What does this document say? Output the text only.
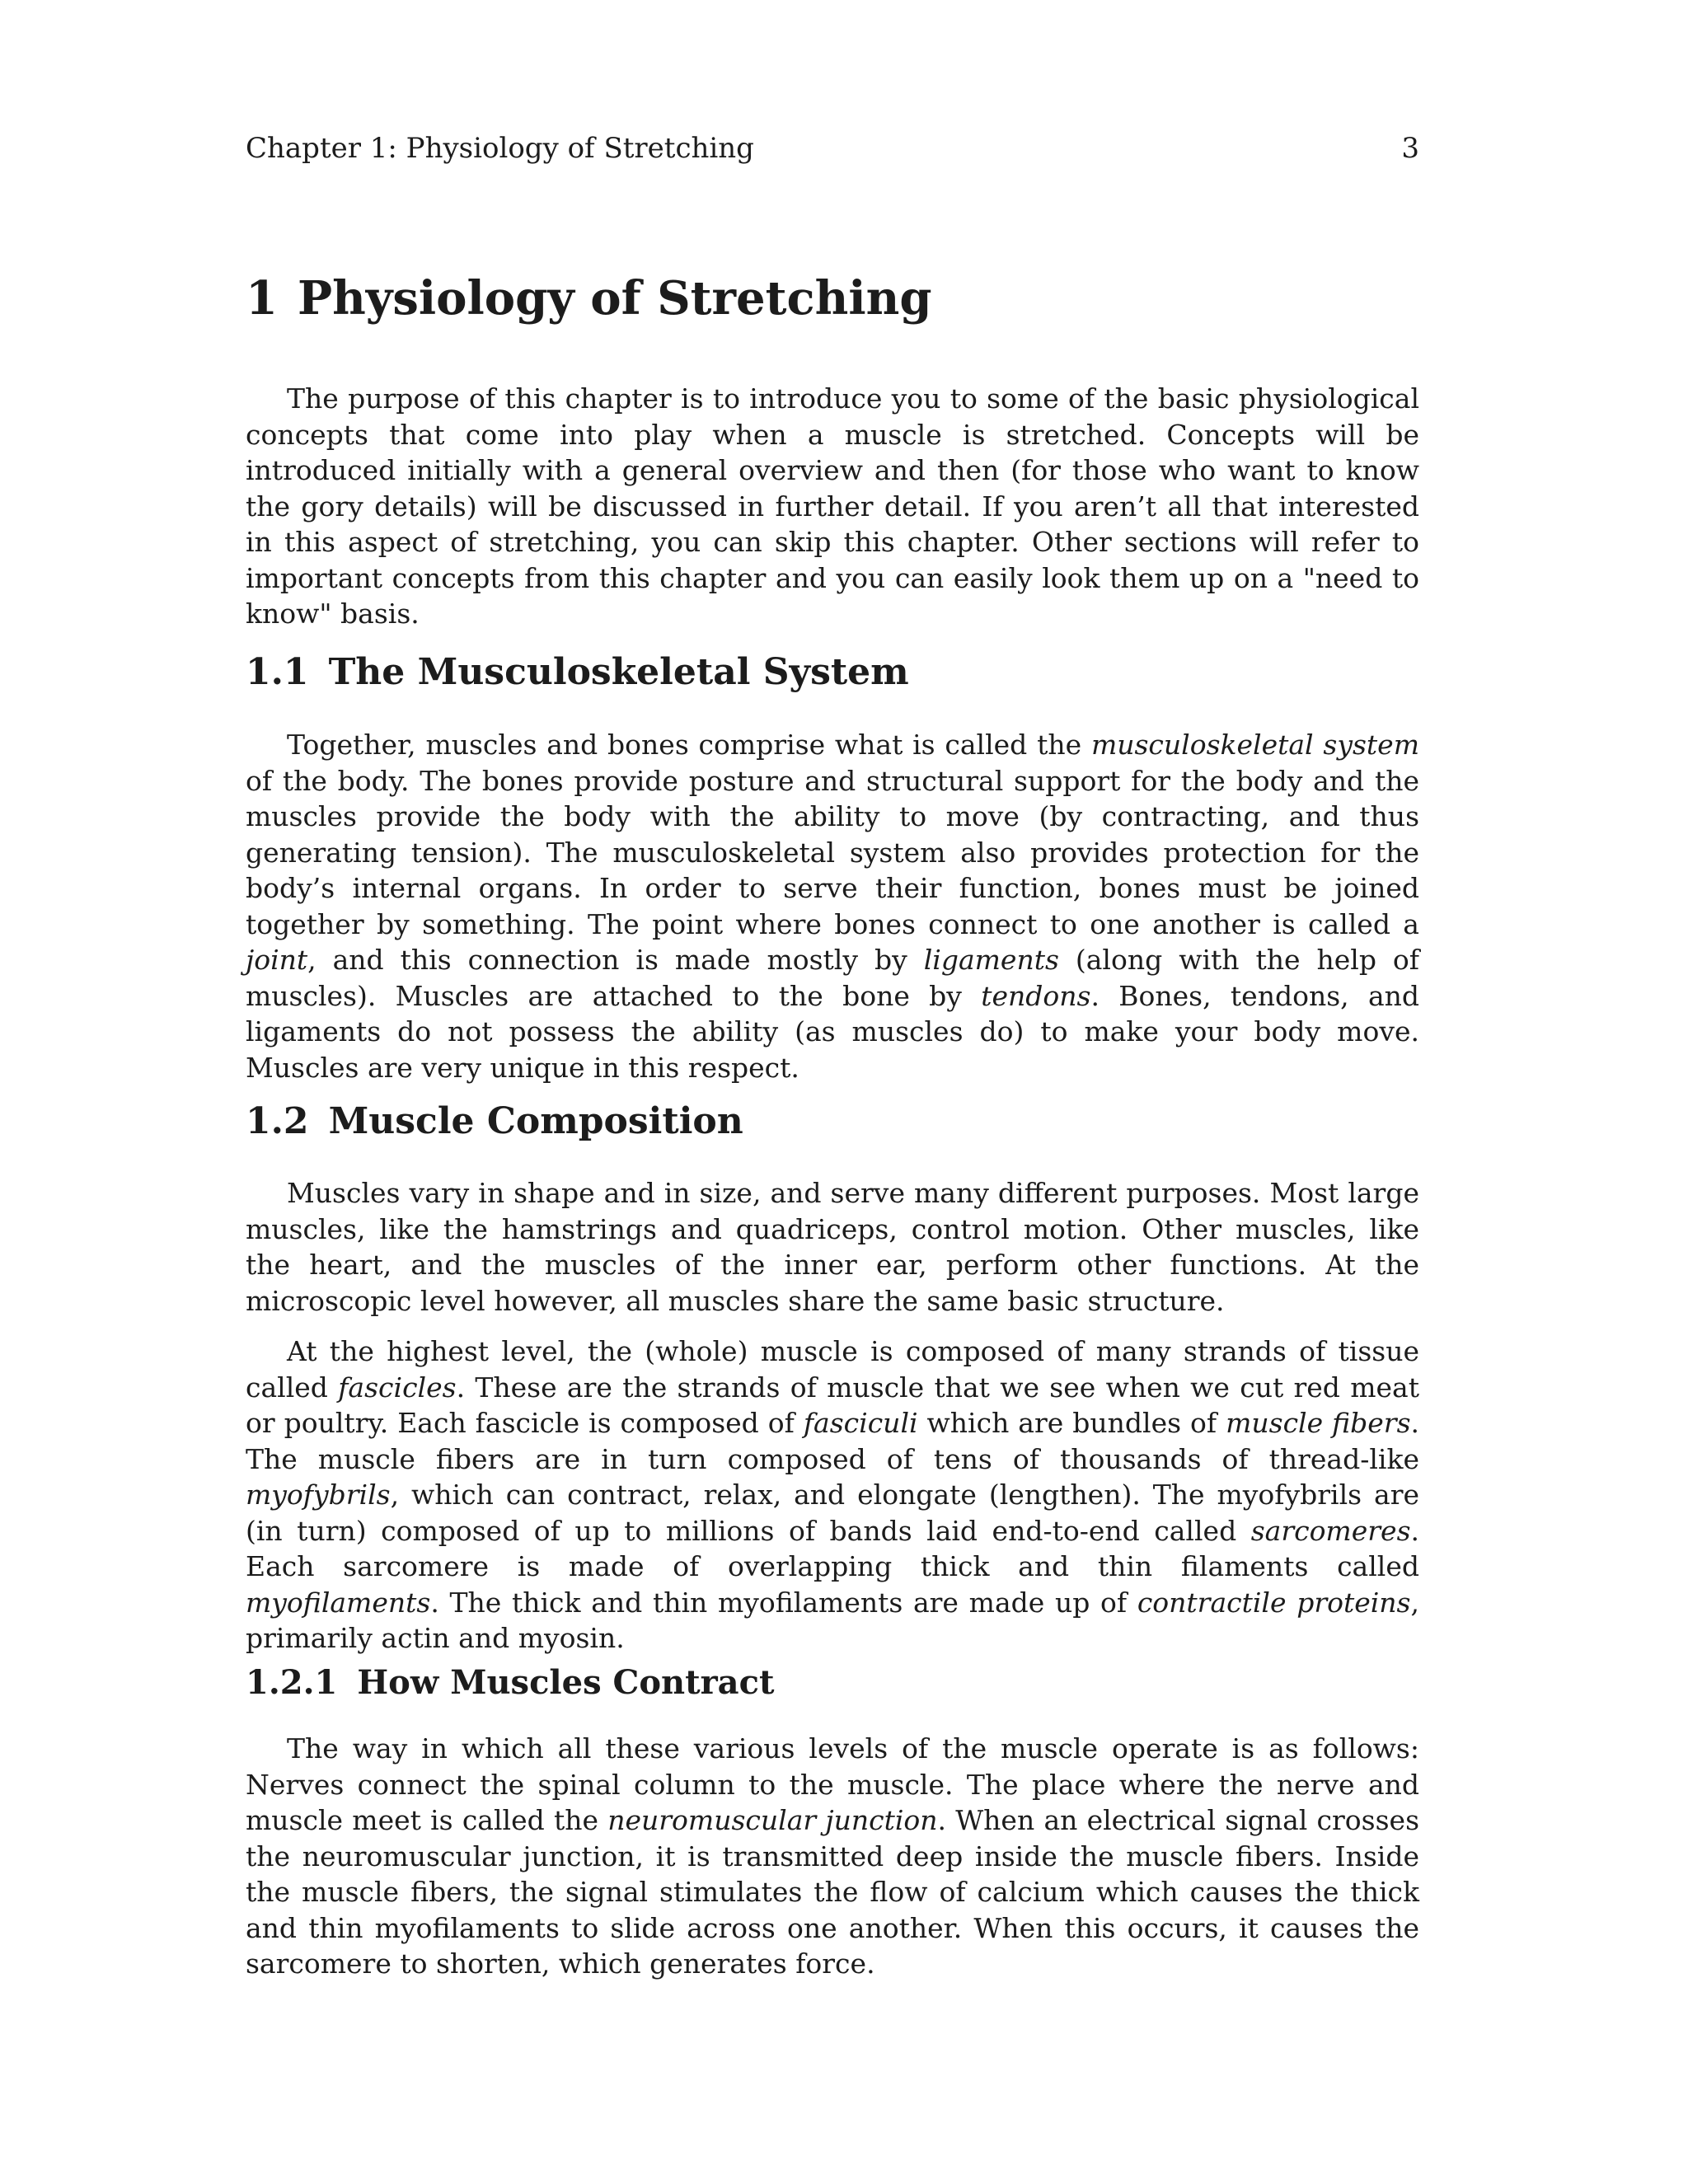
Chapter 1: Physiology of Stretching	3
1 Physiology of Stretching

The purpose of this chapter is to introduce you to some of the basic physiological concepts that come into play when a muscle is stretched. Concepts will be introduced initially with a general overview and then (for those who want to know the gory details) will be discussed in further detail. If you aren’t all that interested in this aspect of stretching, you can skip this chapter. Other sections will refer to important concepts from this chapter and you can easily look them up on a "need to know" basis.

1.1 The Musculoskeletal System

Together, muscles and bones comprise what is called the musculoskeletal system of the body. The bones provide posture and structural support for the body and the muscles provide the body with the ability to move (by contracting, and thus generating tension). The musculoskeletal system also provides protection for the body’s internal organs. In order to serve their function, bones must be joined together by something. The point where bones connect to one another is called a joint, and this connection is made mostly by ligaments (along with the help of muscles). Muscles are attached to the bone by tendons. Bones, tendons, and ligaments do not possess the ability (as muscles do) to make your body move. Muscles are very unique in this respect.

1.2 Muscle Composition

Muscles vary in shape and in size, and serve many different purposes. Most large muscles, like the hamstrings and quadriceps, control motion. Other muscles, like the heart, and the muscles of the inner ear, perform other functions. At the microscopic level however, all muscles share the same basic structure.

At the highest level, the (whole) muscle is composed of many strands of tissue called fascicles. These are the strands of muscle that we see when we cut red meat or poultry. Each fascicle is composed of fasciculi which are bundles of muscle fibers. The muscle fibers are in turn composed of tens of thousands of thread-like myofybrils, which can contract, relax, and elongate (lengthen). The myofybrils are (in turn) composed of up to millions of bands laid end-to-end called sarcomeres. Each sarcomere is made of overlapping thick and thin filaments called myofilaments. The thick and thin myofilaments are made up of contractile proteins, primarily actin and myosin.

1.2.1 How Muscles Contract

The way in which all these various levels of the muscle operate is as follows: Nerves connect the spinal column to the muscle. The place where the nerve and muscle meet is called the neuromuscular junction. When an electrical signal crosses the neuromuscular junction, it is transmitted deep inside the muscle fibers. Inside the muscle fibers, the signal stimulates the flow of calcium which causes the thick and thin myofilaments to slide across one another. When this occurs, it causes the sarcomere to shorten, which generates force.
